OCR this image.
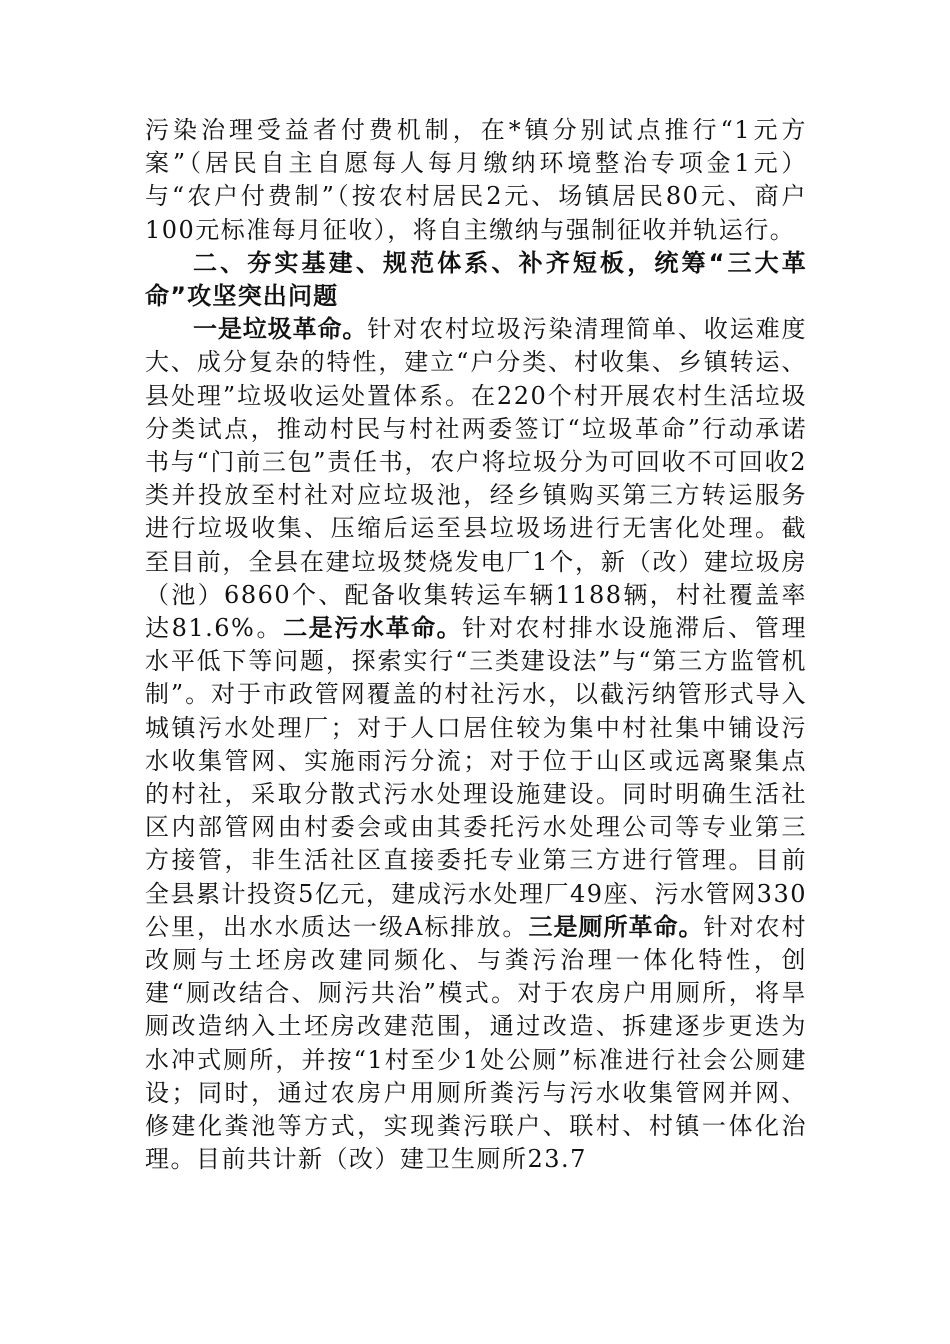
污染治理受益者付费机制，在*镇分别试点推行“1元方案”（居民自主自愿每人每月缴纳环境整治专项金1元）与“农户付费制”（按农村居民2元、场镇居民80元、商户100元标准每月征收），将自主缴纳与强制征收并轨运行。

二、夯实基建、规范体系、补齐短板，统筹“三大革命”攻坚突出问题

一是垃圾革命。针对农村垃圾污染清理简单、收运难度大、成分复杂的特性，建立“户分类、村收集、乡镇转运、县处理”垃圾收运处置体系。在220个村开展农村生活垃圾分类试点，推动村民与村社两委签订“垃圾革命”行动承诺书与“门前三包”责任书，农户将垃圾分为可回收不可回收2类并投放至村社对应垃圾池，经乡镇购买第三方转运服务进行垃圾收集、压缩后运至县垃圾场进行无害化处理。截至目前，全县在建垃圾焚烧发电厂1个，新（改）建垃圾房（池）6860个、配备收集转运车辆1188辆，村社覆盖率达81.6%。二是污水革命。针对农村排水设施滞后、管理水平低下等问题，探索实行“三类建设法”与“第三方监管机制”。对于市政管网覆盖的村社污水，以截污纳管形式导入城镇污水处理厂；对于人口居住较为集中村社集中铺设污水收集管网、实施雨污分流；对于位于山区或远离聚集点的村社，采取分散式污水处理设施建设。同时明确生活社区内部管网由村委会或由其委托污水处理公司等专业第三方接管，非生活社区直接委托专业第三方进行管理。目前全县累计投资5亿元，建成污水处理厂49座、污水管网330公里，出水水质达一级A标排放。三是厕所革命。针对农村改厕与土坯房改建同频化、与粪污治理一体化特性，创建“厕改结合、厕污共治”模式。对于农房户用厕所，将旱厕改造纳入土坯房改建范围，通过改造、拆建逐步更迭为水冲式厕所，并按“1村至少1处公厕”标准进行社会公厕建设；同时，通过农房户用厕所粪污与污水收集管网并网、修建化粪池等方式，实现粪污联户、联村、村镇一体化治理。目前共计新（改）建卫生厕所23.7
